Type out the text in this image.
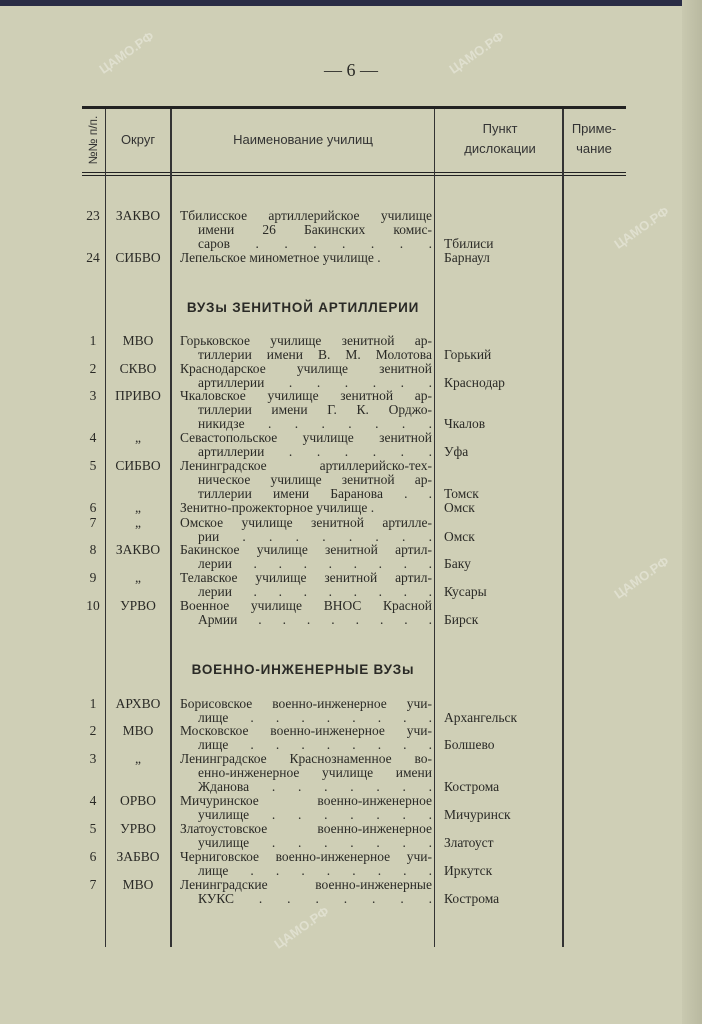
— 6 —
№№ п/п.	Округ	Наименование училищ
Пункт дислокации
Приме-чание
ЦАМО.РФ	ЦАМО.РФ
ЦАМО.РФ
ЦАМО.РФ
ЦАМО.РФ
23	ЗАКВО	Тбилисское артиллерийское училище
имени 26 Бакинских комис-
саров . . . . . . . Тбилиси
24	СИБВО	Лепельское минометное училище .	Барнаул
ВУЗы ЗЕНИТНОЙ АРТИЛЛЕРИИ
1	МВО	Горьковское училище зенитной ар-
тиллерии имени В. М. Молотова Горький
2	СКВО	Краснодарское училище зенитной
артиллерии . . . . . . Краснодар
3	ПРИВО	Чкаловское училище зенитной ар-
тиллерии имени Г. К. Орджо-
никидзе . . . . . . . Чкалов
4	„	Севастопольское училище зенитной
артиллерии . . . . . . Уфа
5	СИБВО	Ленинградское артиллерийско-тех-
ническое училище зенитной ар-
тиллерии имени Баранова . . Томск
6	„	Зенитно-прожекторное училище .	Омск
7	„	Омское училище зенитной артилле-
рии . . . . . . . . Омск
8	ЗАКВО	Бакинское училище зенитной артил-
лерии . . . . . . . . Баку
9	„	Телавское училище зенитной артил-
лерии . . . . . . . . Кусары
10	УРВО	Военное училище ВНОС Красной
Армии . . . . . . . . Бирск
ВОЕННО-ИНЖЕНЕРНЫЕ ВУЗы
1	АРХВО	Борисовское военно-инженерное учи-
лище . . . . . . . . Архангельск
2	МВО	Московское военно-инженерное учи-
лище . . . . . . . . Болшево
3	„	Ленинградское Краснознаменное во-
енно-инженерное училище имени
Жданова . . . . . . . Кострома
4	ОРВО	Мичуринское военно-инженерное
училище . . . . . . . Мичуринск
5	УРВО	Златоустовское военно-инженерное
училище . . . . . . . Златоуст
6	ЗАБВО	Черниговское военно-инженерное учи-
лище . . . . . . . . Иркутск
7	МВО	Ленинградские военно-инженерные
КУКС . . . . . . . Кострома
